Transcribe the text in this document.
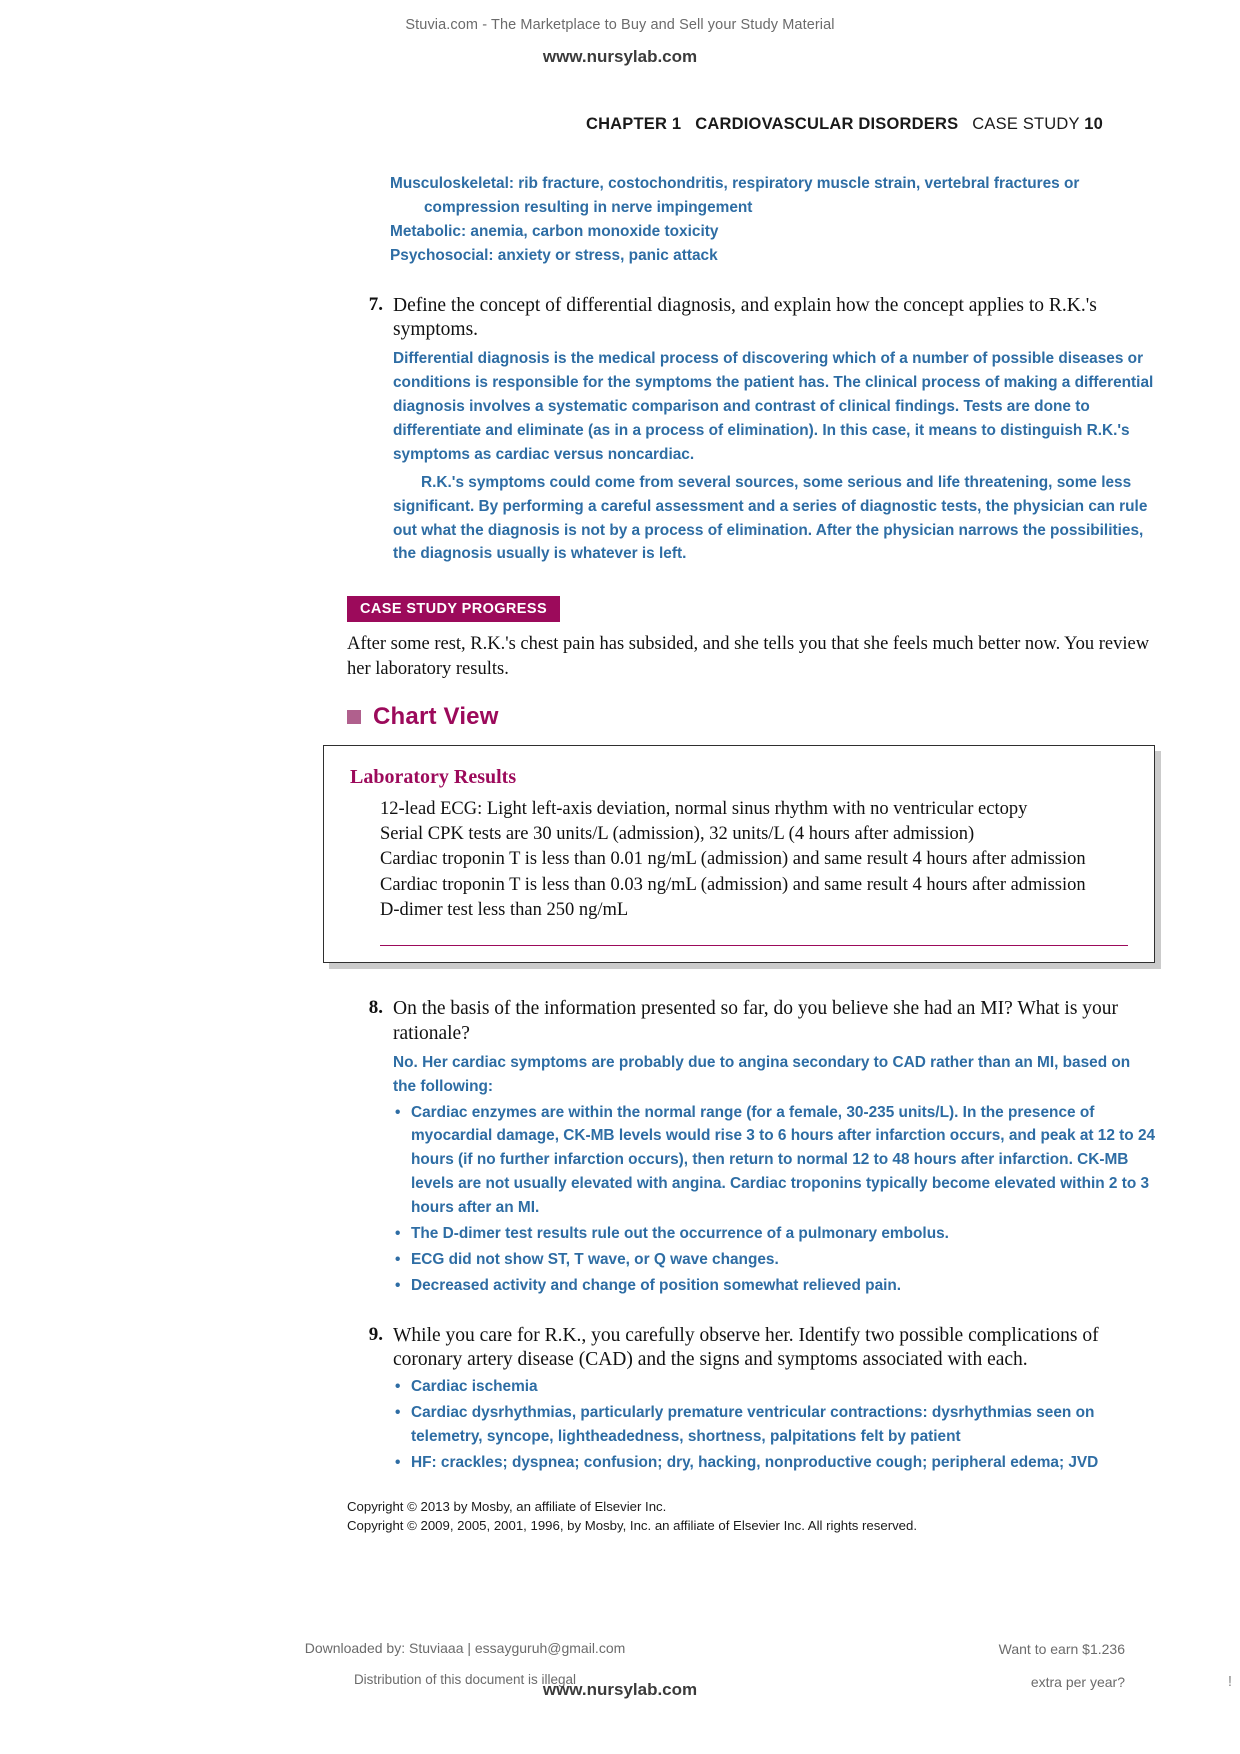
Stuvia.com - The Marketplace to Buy and Sell your Study Material
www.nursylab.com
CHAPTER 1 CARDIOVASCULAR DISORDERS CASE STUDY 10
Musculoskeletal: rib fracture, costochondritis, respiratory muscle strain, vertebral fractures or
compression resulting in nerve impingement
Metabolic: anemia, carbon monoxide toxicity
Psychosocial: anxiety or stress, panic attack
7. Define the concept of differential diagnosis, and explain how the concept applies to R.K.'s symptoms.
Differential diagnosis is the medical process of discovering which of a number of possible diseases or conditions is responsible for the symptoms the patient has. The clinical process of making a differential diagnosis involves a systematic comparison and contrast of clinical findings. Tests are done to differentiate and eliminate (as in a process of elimination). In this case, it means to distinguish R.K.'s symptoms as cardiac versus noncardiac.
R.K.'s symptoms could come from several sources, some serious and life threatening, some less significant. By performing a careful assessment and a series of diagnostic tests, the physician can rule out what the diagnosis is not by a process of elimination. After the physician narrows the possibilities, the diagnosis usually is whatever is left.
CASE STUDY PROGRESS
After some rest, R.K.'s chest pain has subsided, and she tells you that she feels much better now. You review her laboratory results.
Chart View
Laboratory Results
12-lead ECG: Light left-axis deviation, normal sinus rhythm with no ventricular ectopy
Serial CPK tests are 30 units/L (admission), 32 units/L (4 hours after admission)
Cardiac troponin T is less than 0.01 ng/mL (admission) and same result 4 hours after admission
Cardiac troponin T is less than 0.03 ng/mL (admission) and same result 4 hours after admission
D-dimer test less than 250 ng/mL
8. On the basis of the information presented so far, do you believe she had an MI? What is your rationale?
No. Her cardiac symptoms are probably due to angina secondary to CAD rather than an MI, based on the following:
• Cardiac enzymes are within the normal range (for a female, 30-235 units/L). In the presence of myocardial damage, CK-MB levels would rise 3 to 6 hours after infarction occurs, and peak at 12 to 24 hours (if no further infarction occurs), then return to normal 12 to 48 hours after infarction. CK-MB levels are not usually elevated with angina. Cardiac troponins typically become elevated within 2 to 3 hours after an MI.
• The D-dimer test results rule out the occurrence of a pulmonary embolus.
• ECG did not show ST, T wave, or Q wave changes.
• Decreased activity and change of position somewhat relieved pain.
9. While you care for R.K., you carefully observe her. Identify two possible complications of coronary artery disease (CAD) and the signs and symptoms associated with each.
• Cardiac ischemia
• Cardiac dysrhythmias, particularly premature ventricular contractions: dysrhythmias seen on telemetry, syncope, lightheadedness, shortness, palpitations felt by patient
• HF: crackles; dyspnea; confusion; dry, hacking, nonproductive cough; peripheral edema; JVD
Copyright © 2013 by Mosby, an affiliate of Elsevier Inc.
Copyright © 2009, 2005, 2001, 1996, by Mosby, Inc. an affiliate of Elsevier Inc. All rights reserved.
Downloaded by: Stuviaaa | essayguruh@gmail.com
Distribution of this document is illegal
Want to earn $1.236
extra per year?
www.nursylab.com	!
